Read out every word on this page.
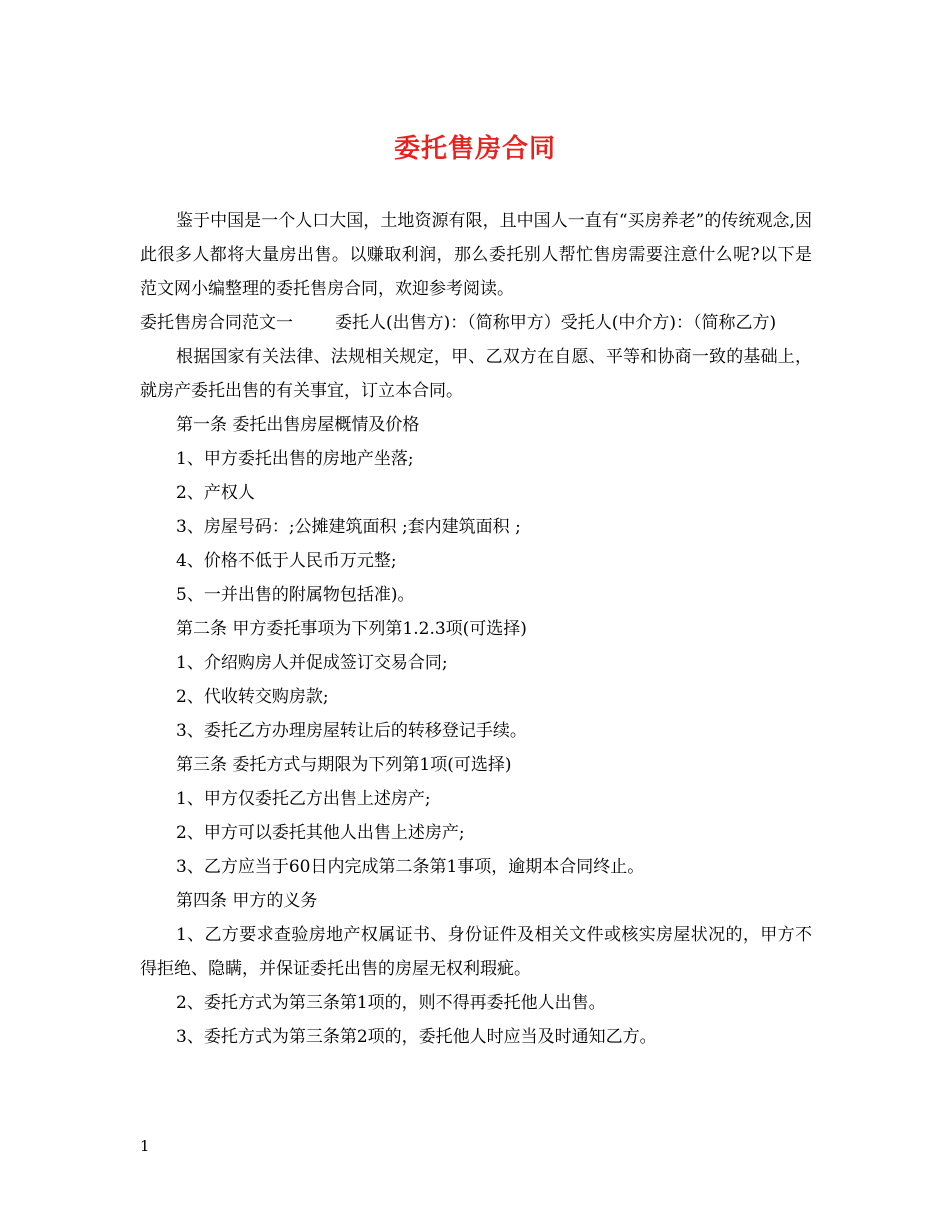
委托售房合同

鉴于中国是一个人口大国，土地资源有限，且中国人一直有“买房养老”的传统观念,因此很多人都将大量房出售。以赚取利润，那么委托别人帮忙售房需要注意什么呢?以下是范文网小编整理的委托售房合同，欢迎参考阅读。

委托售房合同范文一 委托人(出售方)：（简称甲方）受托人(中介方)：（简称乙方)

根据国家有关法律、法规相关规定，甲、乙双方在自愿、平等和协商一致的基础上，就房产委托出售的有关事宜，订立本合同。

第一条 委托出售房屋概情及价格

1、甲方委托出售的房地产坐落;

2、产权人

3、房屋号码：;公摊建筑面积 ;套内建筑面积 ;

4、价格不低于人民币万元整;

5、一并出售的附属物包括准)。

第二条 甲方委托事项为下列第1.2.3项(可选择)

1、介绍购房人并促成签订交易合同;

2、代收转交购房款;

3、委托乙方办理房屋转让后的转移登记手续。

第三条 委托方式与期限为下列第1项(可选择)

1、甲方仅委托乙方出售上述房产;

2、甲方可以委托其他人出售上述房产;

3、乙方应当于60日内完成第二条第1事项，逾期本合同终止。

第四条 甲方的义务

1、乙方要求查验房地产权属证书、身份证件及相关文件或核实房屋状况的，甲方不得拒绝、隐瞒，并保证委托出售的房屋无权利瑕疵。

2、委托方式为第三条第1项的，则不得再委托他人出售。

3、委托方式为第三条第2项的，委托他人时应当及时通知乙方。

1
